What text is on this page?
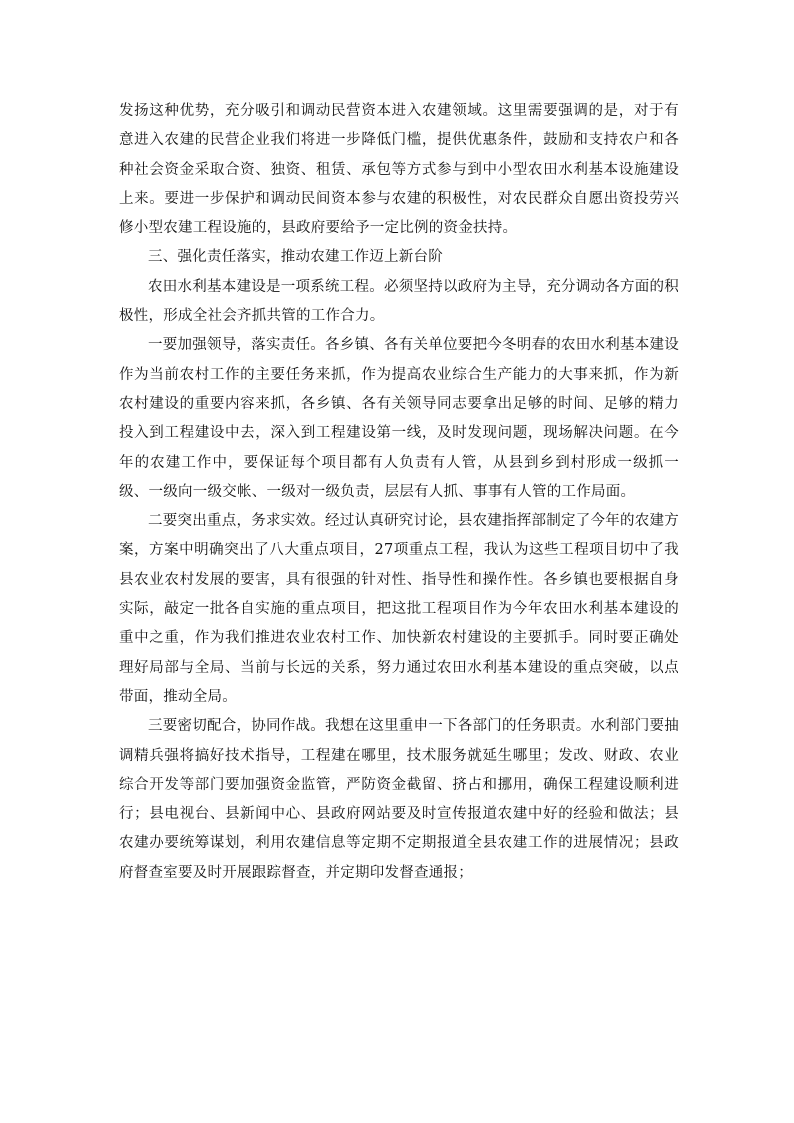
发扬这种优势，充分吸引和调动民营资本进入农建领域。这里需要强调的是，对于有意进入农建的民营企业我们将进一步降低门槛，提供优惠条件，鼓励和支持农户和各种社会资金采取合资、独资、租赁、承包等方式参与到中小型农田水利基本设施建设上来。要进一步保护和调动民间资本参与农建的积极性，对农民群众自愿出资投劳兴修小型农建工程设施的，县政府要给予一定比例的资金扶持。

三、强化责任落实，推动农建工作迈上新台阶

农田水利基本建设是一项系统工程。必须坚持以政府为主导，充分调动各方面的积极性，形成全社会齐抓共管的工作合力。

一要加强领导，落实责任。各乡镇、各有关单位要把今冬明春的农田水利基本建设作为当前农村工作的主要任务来抓，作为提高农业综合生产能力的大事来抓，作为新农村建设的重要内容来抓，各乡镇、各有关领导同志要拿出足够的时间、足够的精力投入到工程建设中去，深入到工程建设第一线，及时发现问题，现场解决问题。在今年的农建工作中，要保证每个项目都有人负责有人管，从县到乡到村形成一级抓一级、一级向一级交帐、一级对一级负责，层层有人抓、事事有人管的工作局面。

二要突出重点，务求实效。经过认真研究讨论，县农建指挥部制定了今年的农建方案，方案中明确突出了八大重点项目，27项重点工程，我认为这些工程项目切中了我县农业农村发展的要害，具有很强的针对性、指导性和操作性。各乡镇也要根据自身实际，敲定一批各自实施的重点项目，把这批工程项目作为今年农田水利基本建设的重中之重，作为我们推进农业农村工作、加快新农村建设的主要抓手。同时要正确处理好局部与全局、当前与长远的关系，努力通过农田水利基本建设的重点突破，以点带面，推动全局。

三要密切配合，协同作战。我想在这里重申一下各部门的任务职责。水利部门要抽调精兵强将搞好技术指导，工程建在哪里，技术服务就延生哪里；发改、财政、农业综合开发等部门要加强资金监管，严防资金截留、挤占和挪用，确保工程建设顺利进行；县电视台、县新闻中心、县政府网站要及时宣传报道农建中好的经验和做法；县农建办要统筹谋划，利用农建信息等定期不定期报道全县农建工作的进展情况；县政府督查室要及时开展跟踪督查，并定期印发督查通报；
